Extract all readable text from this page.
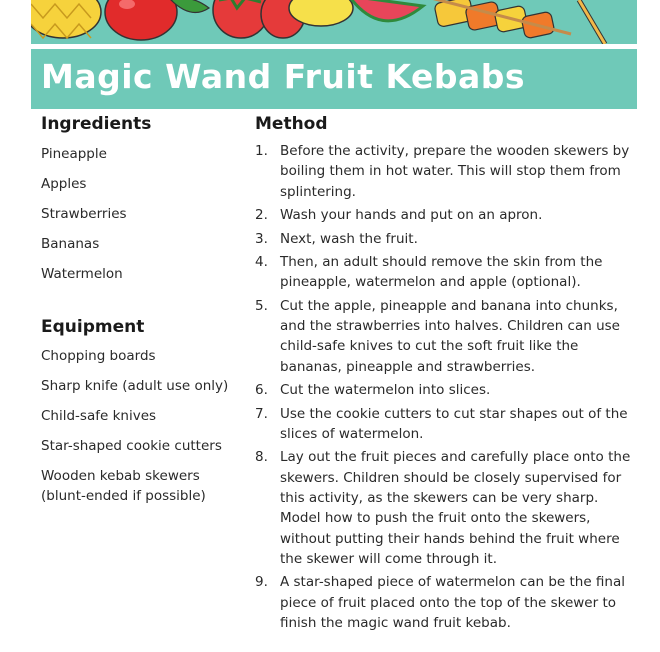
Magic Wand Fruit Kebabs
Ingredients
Pineapple
Apples
Strawberries
Bananas
Watermelon
Equipment
Chopping boards
Sharp knife (adult use only)
Child-safe knives
Star-shaped cookie cutters
Wooden kebab skewers (blunt-ended if possible)
Method
1. Before the activity, prepare the wooden skewers by boiling them in hot water. This will stop them from splintering.
2. Wash your hands and put on an apron.
3. Next, wash the fruit.
4. Then, an adult should remove the skin from the pineapple, watermelon and apple (optional).
5. Cut the apple, pineapple and banana into chunks, and the strawberries into halves. Children can use child-safe knives to cut the soft fruit like the bananas, pineapple and strawberries.
6. Cut the watermelon into slices.
7. Use the cookie cutters to cut star shapes out of the slices of watermelon.
8. Lay out the fruit pieces and carefully place onto the skewers. Children should be closely supervised for this activity, as the skewers can be very sharp. Model how to push the fruit onto the skewers, without putting their hands behind the fruit where the skewer will come through it.
9. A star-shaped piece of watermelon can be the final piece of fruit placed onto the top of the skewer to finish the magic wand fruit kebab.
